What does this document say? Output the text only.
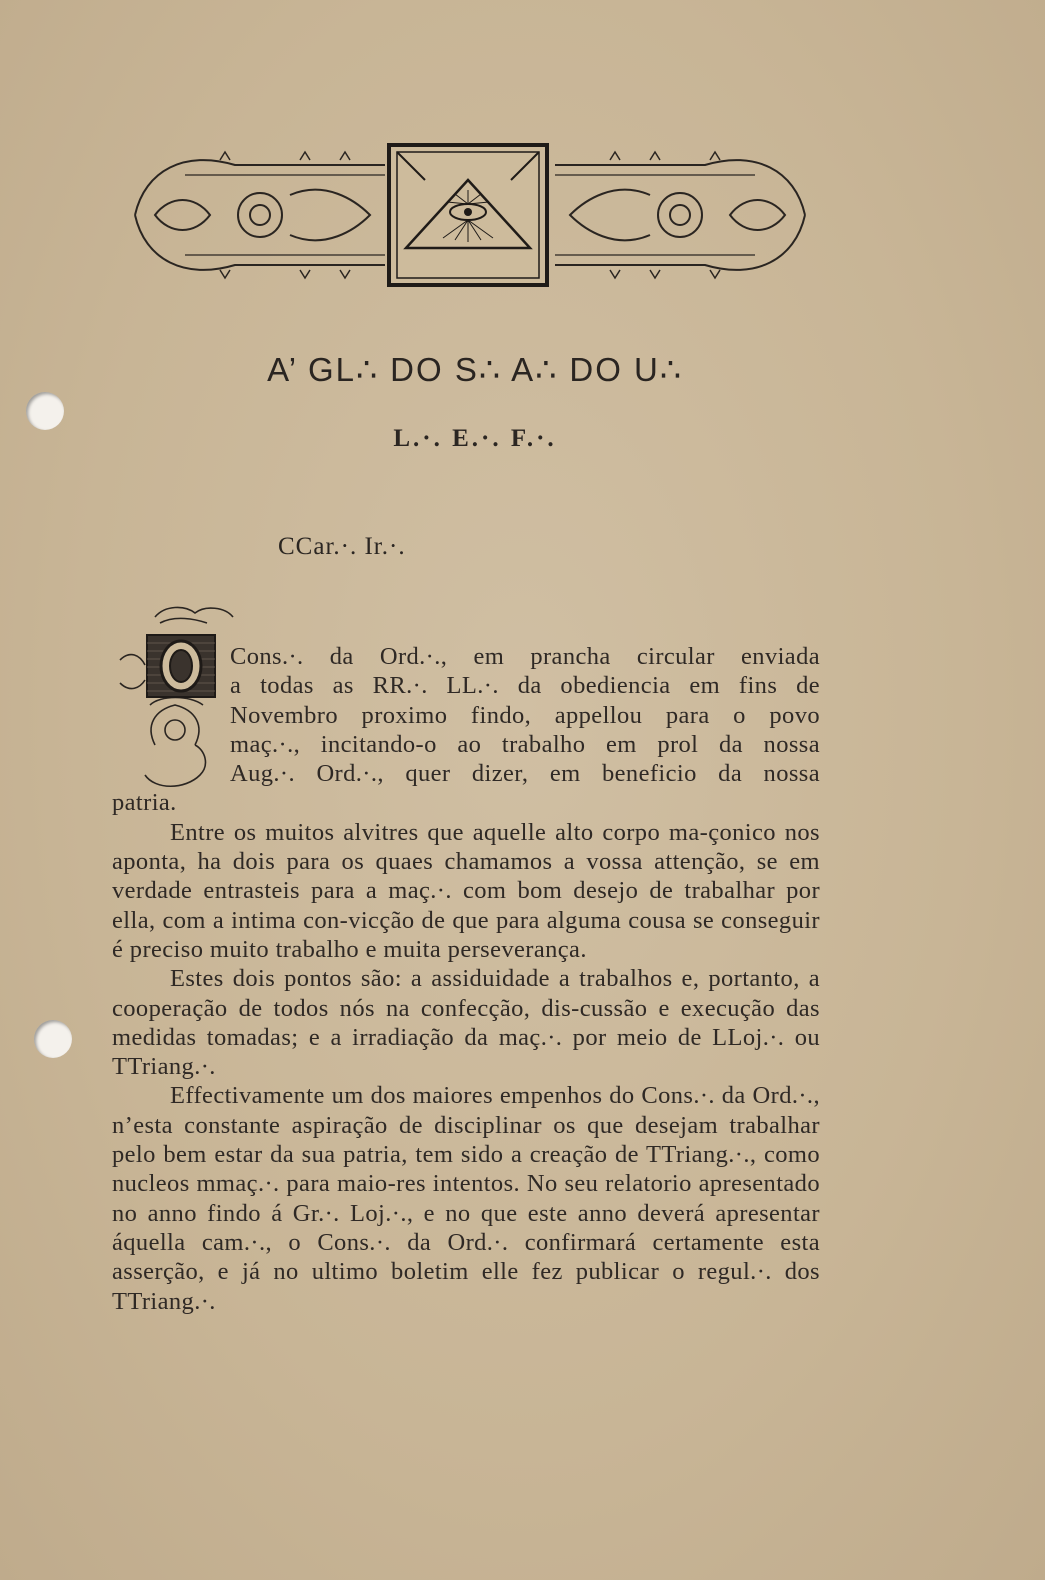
A’ GL∴ DO S∴ A∴ DO U∴
L.·. E.·. F.·.
CCar.·. Ir.·.
O
Cons.·. da Ord.·., em prancha circular enviada
a todas as RR.·. LL.·. da obediencia em fins de
Novembro proximo findo, appellou para o povo
maç.·., incitando-o ao trabalho em prol da nossa
Aug.·. Ord.·., quer dizer, em beneficio da nossa

patria.

Entre os muitos alvitres que aquelle alto corpo ma-çonico nos aponta, ha dois para os quaes chamamos a vossa attenção, se em verdade entrasteis para a maç.·. com bom desejo de trabalhar por ella, com a intima con-vicção de que para alguma cousa se conseguir é preciso muito trabalho e muita perseverança.

Estes dois pontos são: a assiduidade a trabalhos e, portanto, a cooperação de todos nós na confecção, dis-cussão e execução das medidas tomadas; e a irradiação da maç.·. por meio de LLoj.·. ou TTriang.·.

Effectivamente um dos maiores empenhos do Cons.·. da Ord.·., n’esta constante aspiração de disciplinar os que desejam trabalhar pelo bem estar da sua patria, tem sido a creação de TTriang.·., como nucleos mmaç.·. para maio-res intentos. No seu relatorio apresentado no anno findo á Gr.·. Loj.·., e no que este anno deverá apresentar áquella cam.·., o Cons.·. da Ord.·. confirmará certamente esta asserção, e já no ultimo boletim elle fez publicar o regul.·. dos TTriang.·.
